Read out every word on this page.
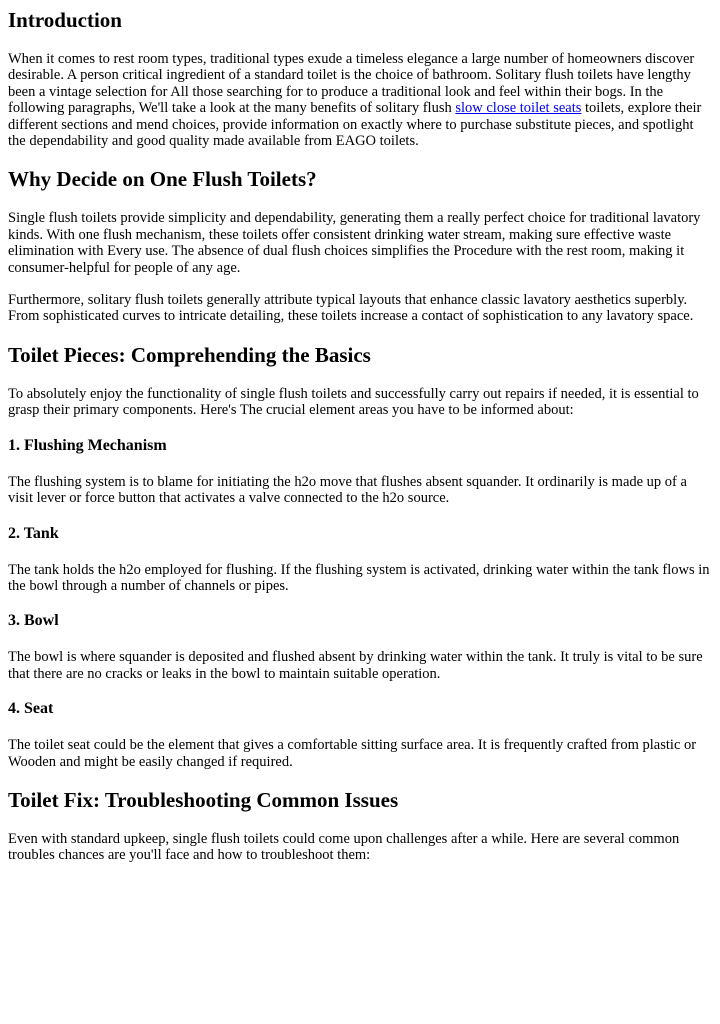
Introduction

When it comes to rest room types, traditional types exude a timeless elegance a large number of homeowners discover desirable. A person critical ingredient of a standard toilet is the choice of bathroom. Solitary flush toilets have lengthy been a vintage selection for All those searching for to produce a traditional look and feel within their bogs. In the following paragraphs, We'll take a look at the many benefits of solitary flush slow close toilet seats toilets, explore their different sections and mend choices, provide information on exactly where to purchase substitute pieces, and spotlight the dependability and good quality made available from EAGO toilets.

Why Decide on One Flush Toilets?

Single flush toilets provide simplicity and dependability, generating them a really perfect choice for traditional lavatory kinds. With one flush mechanism, these toilets offer consistent drinking water stream, making sure effective waste elimination with Every use. The absence of dual flush choices simplifies the Procedure with the rest room, making it consumer-helpful for people of any age.

Furthermore, solitary flush toilets generally attribute typical layouts that enhance classic lavatory aesthetics superbly. From sophisticated curves to intricate detailing, these toilets increase a contact of sophistication to any lavatory space.

Toilet Pieces: Comprehending the Basics

To absolutely enjoy the functionality of single flush toilets and successfully carry out repairs if needed, it is essential to grasp their primary components. Here's The crucial element areas you have to be informed about:

1. Flushing Mechanism

The flushing system is to blame for initiating the h2o move that flushes absent squander. It ordinarily is made up of a visit lever or force button that activates a valve connected to the h2o source.

2. Tank

The tank holds the h2o employed for flushing. If the flushing system is activated, drinking water within the tank flows in the bowl through a number of channels or pipes.

3. Bowl

The bowl is where squander is deposited and flushed absent by drinking water within the tank. It truly is vital to be sure that there are no cracks or leaks in the bowl to maintain suitable operation.

4. Seat

The toilet seat could be the element that gives a comfortable sitting surface area. It is frequently crafted from plastic or Wooden and might be easily changed if required.

Toilet Fix: Troubleshooting Common Issues

Even with standard upkeep, single flush toilets could come upon challenges after a while. Here are several common troubles chances are you'll face and how to troubleshoot them:
